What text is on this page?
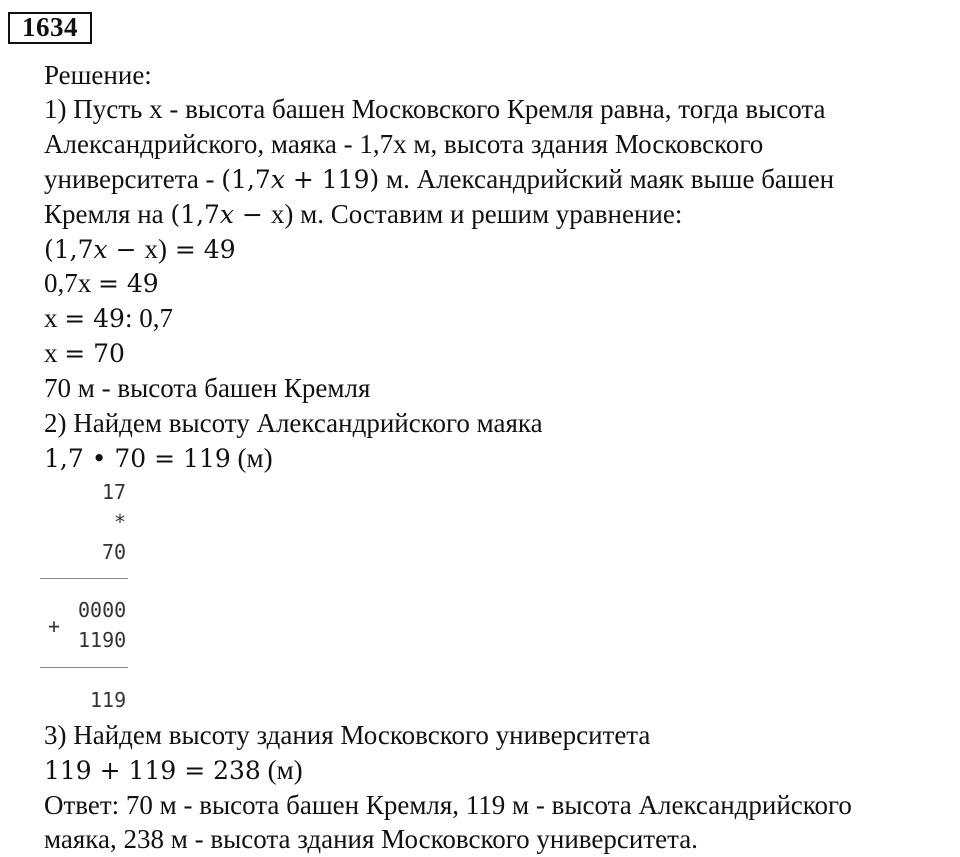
1634
Решение:
1) Пусть x - высота башен Московского Кремля равна, тогда высота
Александрийского, маяка - 1,7x м, высота здания Московского
университета - (1,7x + 119) м. Александрийский маяк выше башен
Кремля на (1,7x − x) м. Составим и решим уравнение:
(1,7x − x) = 49
0,7x = 49
x = 49: 0,7
x = 70
70 м - высота башен Кремля
2) Найдем высоту Александрийского маяка
1,7 • 70 = 119 (м)
17
*
70
0000
+
1190
119
3) Найдем высоту здания Московского университета
119 + 119 = 238 (м)
Ответ: 70 м - высота башен Кремля, 119 м - высота Александрийского
маяка, 238 м - высота здания Московского университета.
